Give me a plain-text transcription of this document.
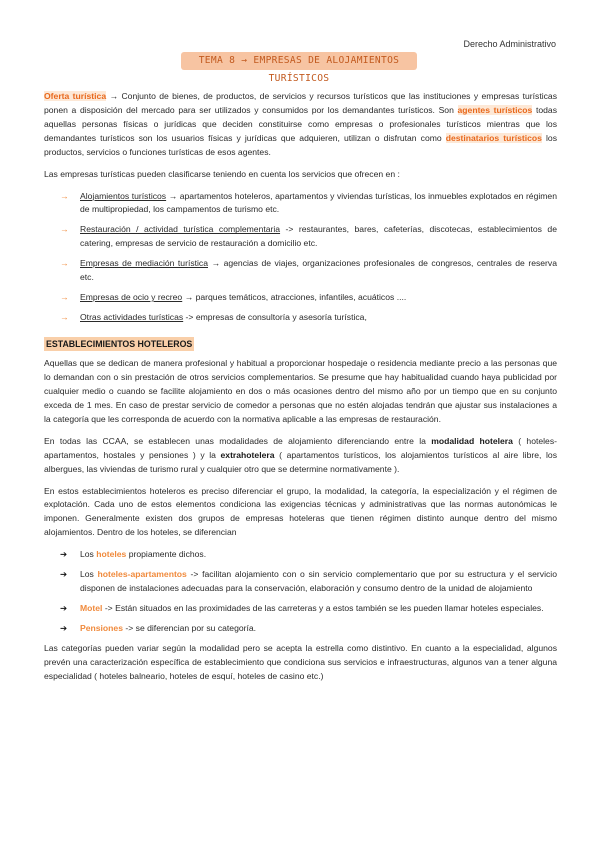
Derecho Administrativo
TEMA 8 → EMPRESAS DE ALOJAMIENTOS TURÍSTICOS

Oferta turística → Conjunto de bienes, de productos, de servicios y recursos turísticos que las instituciones y empresas turísticas ponen a disposición del mercado para ser utilizados y consumidos por los demandantes turísticos. Son agentes turísticos todas aquellas personas físicas o jurídicas que deciden constituirse como empresas o profesionales turísticos mientras que los demandantes turísticos son los usuarios físicas y jurídicas que adquieren, utilizan o disfrutan como destinatarios turísticos los productos, servicios o funciones turísticas de esos agentes.

Las empresas turísticas pueden clasificarse teniendo en cuenta los servicios que ofrecen en :

→ Alojamientos turísticos → apartamentos hoteleros, apartamentos y viviendas turísticas, los inmuebles explotados en régimen de multipropiedad, los campamentos de turismo etc.
→ Restauración / actividad turística complementaria -> restaurantes, bares, cafeterías, discotecas, establecimientos de catering, empresas de servicio de restauración a domicilio etc.
→ Empresas de mediación turística → agencias de viajes, organizaciones profesionales de congresos, centrales de reserva etc.
→ Empresas de ocio y recreo → parques temáticos, atracciones, infantiles, acuáticos ....
→ Otras actividades turísticas -> empresas de consultoría y asesoría turística,
ESTABLECIMIENTOS HOTELEROS

Aquellas que se dedican de manera profesional y habitual a proporcionar hospedaje o residencia mediante precio a las personas que lo demandan con o sin prestación de otros servicios complementarios. Se presume que hay habitualidad cuando haya publicidad por cualquier medio o cuando se facilite alojamiento en dos o más ocasiones dentro del mismo año por un tiempo que en su conjunto exceda de 1 mes. En caso de prestar servicio de comedor a personas que no estén alojadas tendrán que ajustar sus instalaciones a la categoría que les corresponda de acuerdo con la normativa aplicable a las empresas de restauración.

En todas las CCAA, se establecen unas modalidades de alojamiento diferenciando entre la modalidad hotelera ( hoteles-apartamentos, hostales y pensiones ) y la extrahotelera ( apartamentos turísticos, los alojamientos turísticos al aire libre, los albergues, las viviendas de turismo rural y cualquier otro que se determine normativamente ).

En estos establecimientos hoteleros es preciso diferenciar el grupo, la modalidad, la categoría, la especialización y el régimen de explotación. Cada uno de estos elementos condiciona las exigencias técnicas y administrativas que las normas autonómicas le imponen. Generalmente existen dos grupos de empresas hoteleras que tienen régimen distinto aunque dentro del mismo alojamientos. Dentro de los hoteles, se diferencian

➔ Los hoteles propiamente dichos.
➔ Los hoteles-apartamentos -> facilitan alojamiento con o sin servicio complementario que por su estructura y el servicio disponen de instalaciones adecuadas para la conservación, elaboración y consumo dentro de la unidad de alojamiento
➔ Motel -> Están situados en las proximidades de las carreteras y a estos también se les pueden llamar hoteles especiales.
➔ Pensiones -> se diferencian por su categoría.

Las categorías pueden variar según la modalidad pero se acepta la estrella como distintivo. En cuanto a la especialidad, algunos prevén una caracterización específica de establecimiento que condiciona sus servicios e infraestructuras, algunos van a tener alguna especialidad ( hoteles balneario, hoteles de esquí, hoteles de casino etc.)
